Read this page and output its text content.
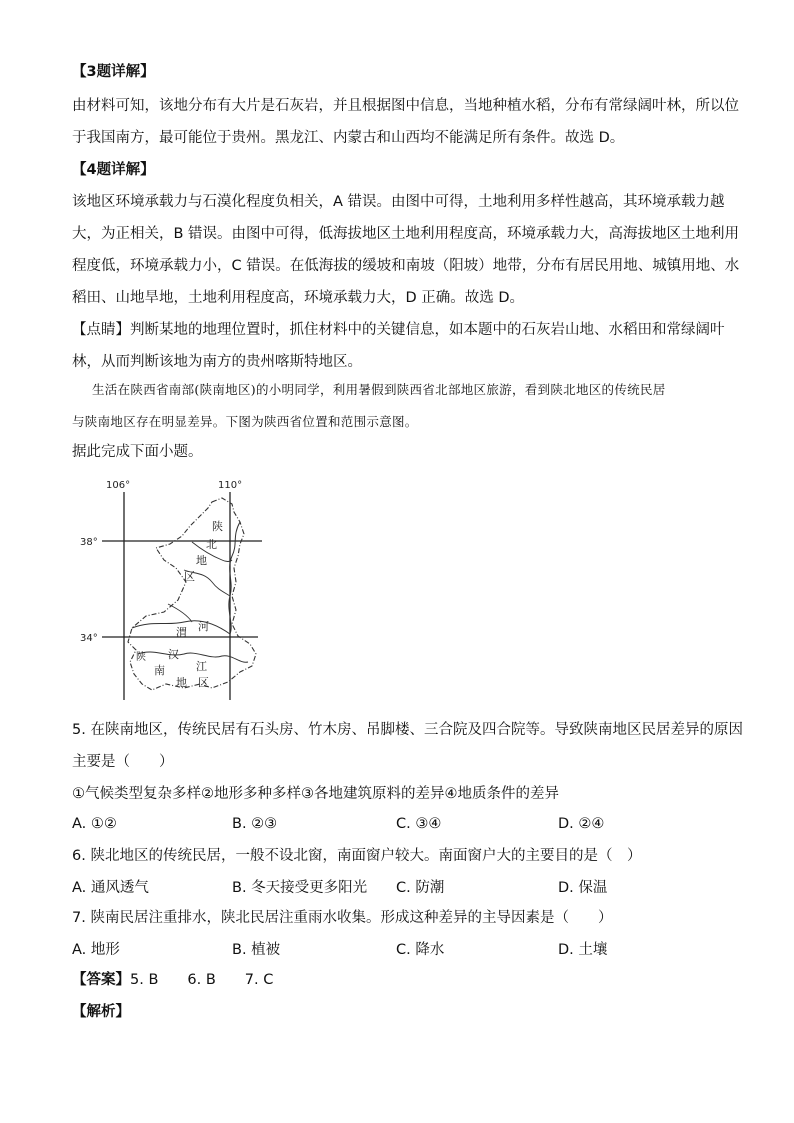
【3题详解】
由材料可知，该地分布有大片是石灰岩，并且根据图中信息，当地种植水稻，分布有常绿阔叶林，所以位
于我国南方，最可能位于贵州。黑龙江、内蒙古和山西均不能满足所有条件。故选 D。
【4题详解】
该地区环境承载力与石漠化程度负相关，A 错误。由图中可得，土地利用多样性越高，其环境承载力越
大，为正相关，B 错误。由图中可得，低海拔地区土地利用程度高，环境承载力大，高海拔地区土地利用
程度低，环境承载力小，C 错误。在低海拔的缓坡和南坡（阳坡）地带，分布有居民用地、城镇用地、水
稻田、山地旱地，土地利用程度高，环境承载力大，D 正确。故选 D。
【点睛】判断某地的地理位置时，抓住材料中的关键信息，如本题中的石灰岩山地、水稻田和常绿阔叶
林，从而判断该地为南方的贵州喀斯特地区。
生活在陕西省南部(陕南地区)的小明同学，利用暑假到陕西省北部地区旅游，看到陕北地区的传统民居
与陕南地区存在明显差异。下图为陕西省位置和范围示意图。
据此完成下面小题。
106°	110°
38°
34°
陕
北
地
区
渭 河
陕 汉
南	江
地 区
5. 在陕南地区，传统民居有石头房、竹木房、吊脚楼、三合院及四合院等。导致陕南地区民居差异的原因
主要是（　　）
①气候类型复杂多样②地形多种多样③各地建筑原料的差异④地质条件的差异
A. ①②	B. ②③	C. ③④	D. ②④
6. 陕北地区的传统民居，一般不设北窗，南面窗户较大。南面窗户大的主要目的是（　）
A. 通风透气	B. 冬天接受更多阳光 C. 防潮	D. 保温
7. 陕南民居注重排水，陕北民居注重雨水收集。形成这种差异的主导因素是（　　）
A. 地形	B. 植被	C. 降水	D. 土壤
【答案】5. B　　6. B　　7. C
【解析】
